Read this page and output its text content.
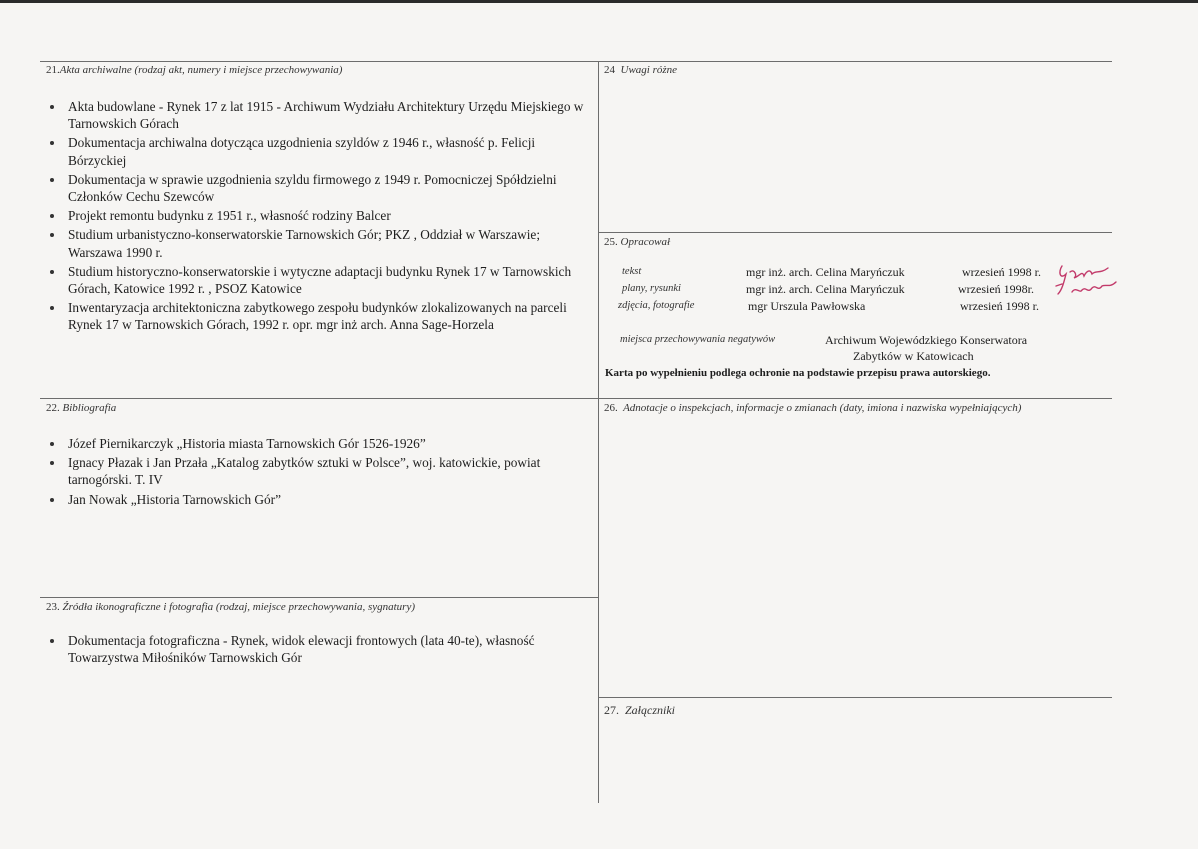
21.Akta archiwalne (rodzaj akt, numery i miejsce przechowywania)
Akta budowlane - Rynek 17 z lat 1915 - Archiwum Wydziału Architektury Urzędu Miejskiego w Tarnowskich Górach
Dokumentacja archiwalna dotycząca uzgodnienia szyldów z 1946 r., własność p. Felicji Bórzyckiej
Dokumentacja w sprawie uzgodnienia szyldu firmowego z 1949 r. Pomocniczej Spółdzielni Członków Cechu Szewców
Projekt remontu budynku z 1951 r., własność rodziny Balcer
Studium urbanistyczno-konserwatorskie Tarnowskich Gór; PKZ , Oddział w Warszawie; Warszawa 1990 r.
Studium historyczno-konserwatorskie i wytyczne adaptacji budynku Rynek 17 w Tarnowskich Górach, Katowice 1992 r. , PSOZ Katowice
Inwentaryzacja architektoniczna zabytkowego zespołu budynków zlokalizowanych na parceli Rynek 17 w Tarnowskich Górach, 1992 r. opr. mgr inż arch. Anna Sage-Horzela
22. Bibliografia
Józef Piernikarczyk „Historia miasta Tarnowskich Gór 1526-1926”
Ignacy Płazak i Jan Przała „Katalog zabytków sztuki w Polsce”, woj. katowickie, powiat tarnogórski. T. IV
Jan Nowak „Historia Tarnowskich Gór”
23. Źródła ikonograficzne i fotografia (rodzaj, miejsce przechowywania, sygnatury)
Dokumentacja fotograficzna - Rynek, widok elewacji frontowych (lata 40-te), własność Towarzystwa Miłośników Tarnowskich Gór
24 Uwagi różne
25. Opracował
tekst	mgr inż. arch. Celina Maryńczuk	wrzesień 1998 r.
plany, rysunki	mgr inż. arch. Celina Maryńczuk	wrzesień 1998r.
zdjęcia, fotografie	mgr Urszula Pawłowska	wrzesień 1998 r.
miejsca przechowywania negatywów	Archiwum Wojewódzkiego Konserwatora
Zabytków w Katowicach
Karta po wypełnieniu podlega ochronie na podstawie przepisu prawa autorskiego.
26. Adnotacje o inspekcjach, informacje o zmianach (daty, imiona i nazwiska wypełniających)
27. Załączniki
